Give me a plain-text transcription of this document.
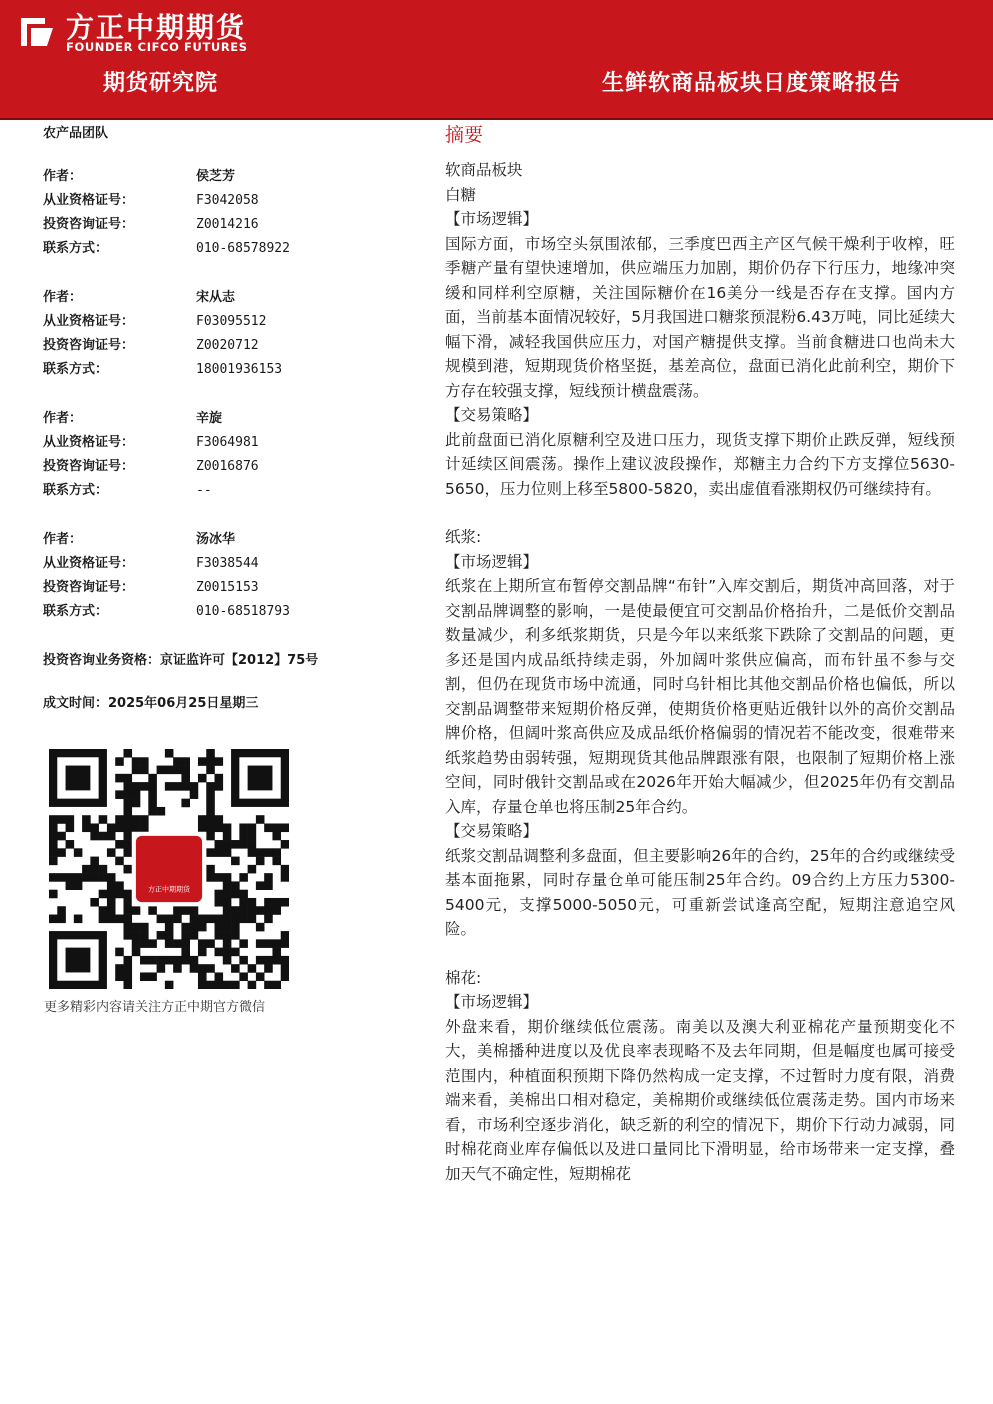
方正中期期货
FOUNDER CIFCO FUTURES
期货研究院	生鲜软商品板块日度策略报告
农产品团队
作者：	侯芝芳
从业资格证号：	F3042058
投资咨询证号：	Z0014216
联系方式：	010-68578922
作者：	宋从志
从业资格证号：	F03095512
投资咨询证号：	Z0020712
联系方式：	18001936153
作者：	辛旋
从业资格证号：	F3064981
投资咨询证号：	Z0016876
联系方式：	--
作者：	汤冰华
从业资格证号：	F3038544
投资咨询证号：	Z0015153
联系方式：	010-68518793
投资咨询业务资格：京证监许可【2012】75号
成文时间：2025年06月25日星期三
方正中期期货
更多精彩内容请关注方正中期官方微信
摘要
软商品板块
白糖
【市场逻辑】

国际方面，市场空头氛围浓郁，三季度巴西主产区气候干燥利于收榨，旺季糖产量有望快速增加，供应端压力加剧，期价仍存下行压力，地缘冲突缓和同样利空原糖，关注国际糖价在16美分一线是否存在支撑。国内方面，当前基本面情况较好，5月我国进口糖浆预混粉6.43万吨，同比延续大幅下滑，减轻我国供应压力，对国产糖提供支撑。当前食糖进口也尚未大规模到港，短期现货价格坚挺，基差高位，盘面已消化此前利空，期价下方存在较强支撑，短线预计横盘震荡。

【交易策略】

此前盘面已消化原糖利空及进口压力，现货支撑下期价止跌反弹，短线预计延续区间震荡。操作上建议波段操作，郑糖主力合约下方支撑位5630-5650，压力位则上移至5800-5820，卖出虚值看涨期权仍可继续持有。

纸浆:
【市场逻辑】

纸浆在上期所宣布暂停交割品牌“布针”入库交割后，期货冲高回落，对于交割品牌调整的影响，一是使最便宜可交割品价格抬升，二是低价交割品数量减少，利多纸浆期货，只是今年以来纸浆下跌除了交割品的问题，更多还是国内成品纸持续走弱，外加阔叶浆供应偏高，而布针虽不参与交割，但仍在现货市场中流通，同时乌针相比其他交割品价格也偏低，所以交割品调整带来短期价格反弹，使期货价格更贴近俄针以外的高价交割品牌价格，但阔叶浆高供应及成品纸价格偏弱的情况若不能改变，很难带来纸浆趋势由弱转强，短期现货其他品牌跟涨有限，也限制了短期价格上涨空间，同时俄针交割品或在2026年开始大幅减少，但2025年仍有交割品入库，存量仓单也将压制25年合约。

【交易策略】

纸浆交割品调整利多盘面，但主要影响26年的合约，25年的合约或继续受基本面拖累，同时存量仓单可能压制25年合约。09合约上方压力5300-5400元，支撑5000-5050元，可重新尝试逢高空配，短期注意追空风险。

棉花:
【市场逻辑】

外盘来看，期价继续低位震荡。南美以及澳大利亚棉花产量预期变化不大，美棉播种进度以及优良率表现略不及去年同期，但是幅度也属可接受范围内，种植面积预期下降仍然构成一定支撑，不过暂时力度有限，消费端来看，美棉出口相对稳定，美棉期价或继续低位震荡走势。国内市场来看，市场利空逐步消化，缺乏新的利空的情况下，期价下行动力减弱，同时棉花商业库存偏低以及进口量同比下滑明显，给市场带来一定支撑，叠加天气不确定性，短期棉花
